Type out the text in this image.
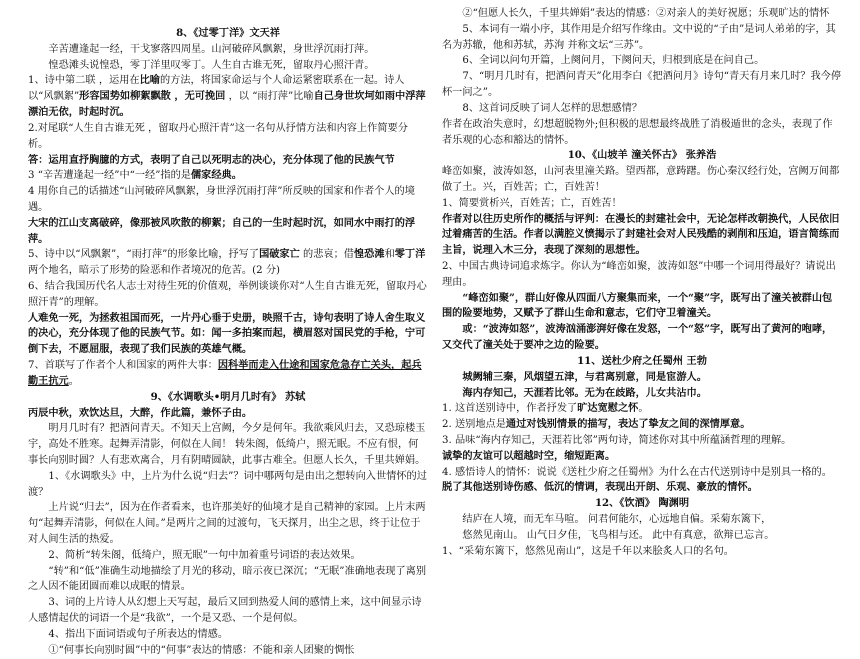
8、《过零丁洋》文天祥

辛苦遭逢起一经，干戈寥落四周星。山河破碎风飘絮，身世浮沉雨打萍。

惶恐滩头说惶恐，零丁洋里叹零丁。人生自古谁无死，留取丹心照汗青。

1、诗中第二联 ，运用在比喻的方法，将国家命运与个人命运紧密联系在一起。诗人以“风飘絮”形容国势如柳絮飘散 ，无可挽回 ，以 “雨打萍”比喻自己身世坎坷如雨中浮萍漂泊无依，时起时沉。

2.对尾联“人生自古谁无死 ，留取丹心照汗青”这一名句从抒情方法和内容上作简要分析。

答：运用直抒胸臆的方式，表明了自己以死明志的决心，充分体现了他的民族气节

3 “辛苦遭逢起一经”中“一经”指的是儒家经典。

4 用你自己的话描述“山河破碎风飘絮，身世浮沉雨打萍”所反映的国家和作者个人的境遇。

大宋的江山支离破碎，像那被风吹散的柳絮；自己的一生时起时沉，如同水中雨打的浮萍。

5、诗中以“风飘絮”，“雨打萍”的形象比喻，抒写了国破家亡 的悲哀；借惶恐滩和零丁洋两个地名，暗示了形势的险恶和作者境况的危苦。(2 分)

6、结合我国历代名人志士对待生死的价值观，举例谈谈你对“人生自古谁无死，留取丹心照汗青”的理解。

人难免一死，为拯救祖国而死，一片丹心垂于史册，映照千古，诗句表明了诗人舍生取义的决心，充分体现了他的民族气节。如：闻一多拍案而起，横眉怒对国民党的手枪，宁可倒下去，不愿屈服，表现了我们民族的英雄气概。

7、首联写了作者个人和国家的两件大事：因科举而走入仕途和国家危急存亡关头，起兵勤王抗元。

9、《水调歌头•明月几时有》 苏轼

丙辰中秋，欢饮达旦，大醉，作此篇，兼怀子由。

明月几时有？把酒问青天。不知天上宫阙，今夕是何年。我欲乘风归去，又恐琼楼玉宇，高处不胜寒。起舞弄清影，何似在人间！ 转朱阁，低绮户，照无眠。不应有恨，何事长向别时圆？人有悲欢离合，月有阴晴圆缺，此事古难全。但愿人长久，千里共婵娟。

1、《水调歌头》中，上片为什么说“归去”？词中哪两句是由出之想转向入世情怀的过渡？

上片说“归去”，因为在作者看来，也许那美好的仙境才是自己精神的家园。上片末两句“起舞弄清影，何似在人间。”是两片之间的过渡句，飞天探月，出尘之思，终于让位于对人间生活的热爱。

2、简析“转朱阁，低绮户，照无眠”一句中加着重号词语的表达效果。

“转”和“低”准确生动地描绘了月光的移动，暗示夜已深沉；“无眠”准确地表现了离别之人因不能团圆而难以成眠的情景。

3、词的上片诗人从幻想上天写起，最后又回到热爱人间的感情上来，这中间显示诗人感情起伏的词语一个是“我欲”，一个是又恐、一个是何似。

4、指出下面词语或句子所表达的情感。

①“何事长向别时圆”中的“何事”表达的情感：不能和亲人团聚的惆怅

②“但愿人长久，千里共婵娟”表达的情感：②对亲人的美好祝愿；乐观旷达的情怀

5、本词有一端小序，其作用是介绍写作缘由。文中说的“子由”是词人弟弟的字，其名为苏辙，他和苏轼，苏洵 并称文坛“三苏”。

6、全词以问句开篇，上阕问月，下阕问天，归根到底是在问自己。

7、“明月几时有，把酒问青天”化用李白《把酒问月》诗句“青天有月来几时？我今停杯一问之”。

8、这首词反映了词人怎样的思想感情？

作者在政治失意时，幻想超脱物外;但积极的思想最终战胜了消极遁世的念头，表现了作者乐观的心态和豁达的情怀。

10、《山坡羊 潼关怀古》 张养浩

峰峦如聚，波涛如怒，山河表里潼关路。望西都，意踌躇。伤心秦汉经行处，宫阙万间都做了土。兴，百姓苦；亡，百姓苦！

1、简要赏析兴，百姓苦；亡，百姓苦！

作者对以往历史所作的概括与评判：在漫长的封建社会中，无论怎样改朝换代，人民依旧过着痛苦的生活。作者以满腔义愤揭示了封建社会对人民残酷的剥削和压迫，语言简练而主旨，说理入木三分，表现了深刻的思想性。

2、中国古典诗词追求炼字。你认为“峰峦如聚，波涛如怒”中哪一个词用得最好？请说出理由。

“峰峦如聚”，群山好像从四面八方聚集而来，一个“聚”字，既写出了潼关被群山包围的险要地势，又赋予了群山生命和意志，它们守卫着潼关。

或：“波涛如怒”，波涛汹涌澎湃好像在发怒，一个“怒”字，既写出了黄河的咆哮，又交代了潼关处于要冲之边的险要。

11、送杜少府之任蜀州 王勃

城阙辅三秦，风烟望五津，与君离别意，同是宦游人。

海内存知己，天涯若比邻。无为在歧路，儿女共沾巾。

1. 这首送别诗中，作者抒发了旷达宽慰之怀。

2. 送别地点是通过对饯别情景的描写，表达了挚友之间的深情厚意。

3. 品味“海内存知己，天涯若比邻”两句诗，简述你对其中所蕴涵哲理的理解。

诚挚的友谊可以超越时空，缩短距离。

4. 感悟诗人的情怀：说说《送杜少府之任蜀州》为什么在古代送别诗中是别具一格的。

脱了其他送别诗伤感、低沉的情调，表现出开朗、乐观、豪放的情怀。

12、《饮酒》 陶渊明

结庐在人境，而无车马喧。 问君何能尔，心远地自偏。采菊东篱下，

悠然见南山。 山气日夕佳，飞鸟相与还。 此中有真意，欲辩已忘言。

1、“采菊东篱下，悠然见南山”，这是千年以来脍炙人口的名句。
